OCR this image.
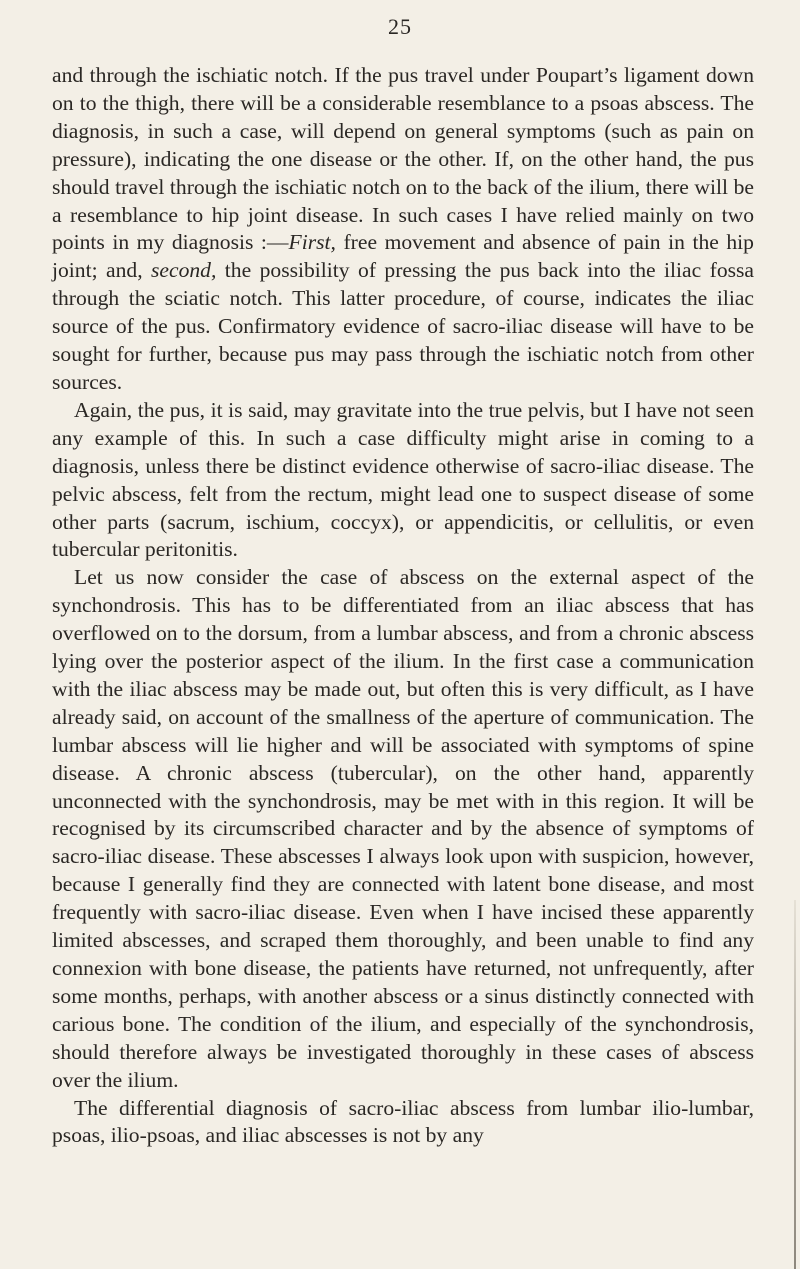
25

and through the ischiatic notch. If the pus travel under Poupart’s ligament down on to the thigh, there will be a considerable resemblance to a psoas abscess. The diagnosis, in such a case, will depend on general symptoms (such as pain on pressure), indicating the one disease or the other. If, on the other hand, the pus should travel through the ischiatic notch on to the back of the ilium, there will be a resemblance to hip joint disease. In such cases I have relied mainly on two points in my diagnosis :—First, free movement and absence of pain in the hip joint; and, second, the possibility of pressing the pus back into the iliac fossa through the sciatic notch. This latter procedure, of course, indicates the iliac source of the pus. Confirmatory evidence of sacro-iliac disease will have to be sought for further, because pus may pass through the ischiatic notch from other sources.

Again, the pus, it is said, may gravitate into the true pelvis, but I have not seen any example of this. In such a case difficulty might arise in coming to a diagnosis, unless there be distinct evidence otherwise of sacro-iliac disease. The pelvic abscess, felt from the rectum, might lead one to suspect disease of some other parts (sacrum, ischium, coccyx), or appendicitis, or cellulitis, or even tubercular peritonitis.

Let us now consider the case of abscess on the external aspect of the synchondrosis. This has to be differentiated from an iliac abscess that has overflowed on to the dorsum, from a lumbar abscess, and from a chronic abscess lying over the posterior aspect of the ilium. In the first case a communication with the iliac abscess may be made out, but often this is very difficult, as I have already said, on account of the smallness of the aperture of communication. The lumbar abscess will lie higher and will be associated with symptoms of spine disease. A chronic abscess (tubercular), on the other hand, apparently unconnected with the synchondrosis, may be met with in this region. It will be recognised by its circumscribed character and by the absence of symptoms of sacro-iliac disease. These abscesses I always look upon with suspicion, however, because I generally find they are connected with latent bone disease, and most frequently with sacro-iliac disease. Even when I have incised these apparently limited abscesses, and scraped them thoroughly, and been unable to find any connexion with bone disease, the patients have returned, not unfrequently, after some months, perhaps, with another abscess or a sinus distinctly connected with carious bone. The condition of the ilium, and especially of the synchondrosis, should therefore always be investigated thoroughly in these cases of abscess over the ilium.

The differential diagnosis of sacro-iliac abscess from lumbar ilio-lumbar, psoas, ilio-psoas, and iliac abscesses is not by any
